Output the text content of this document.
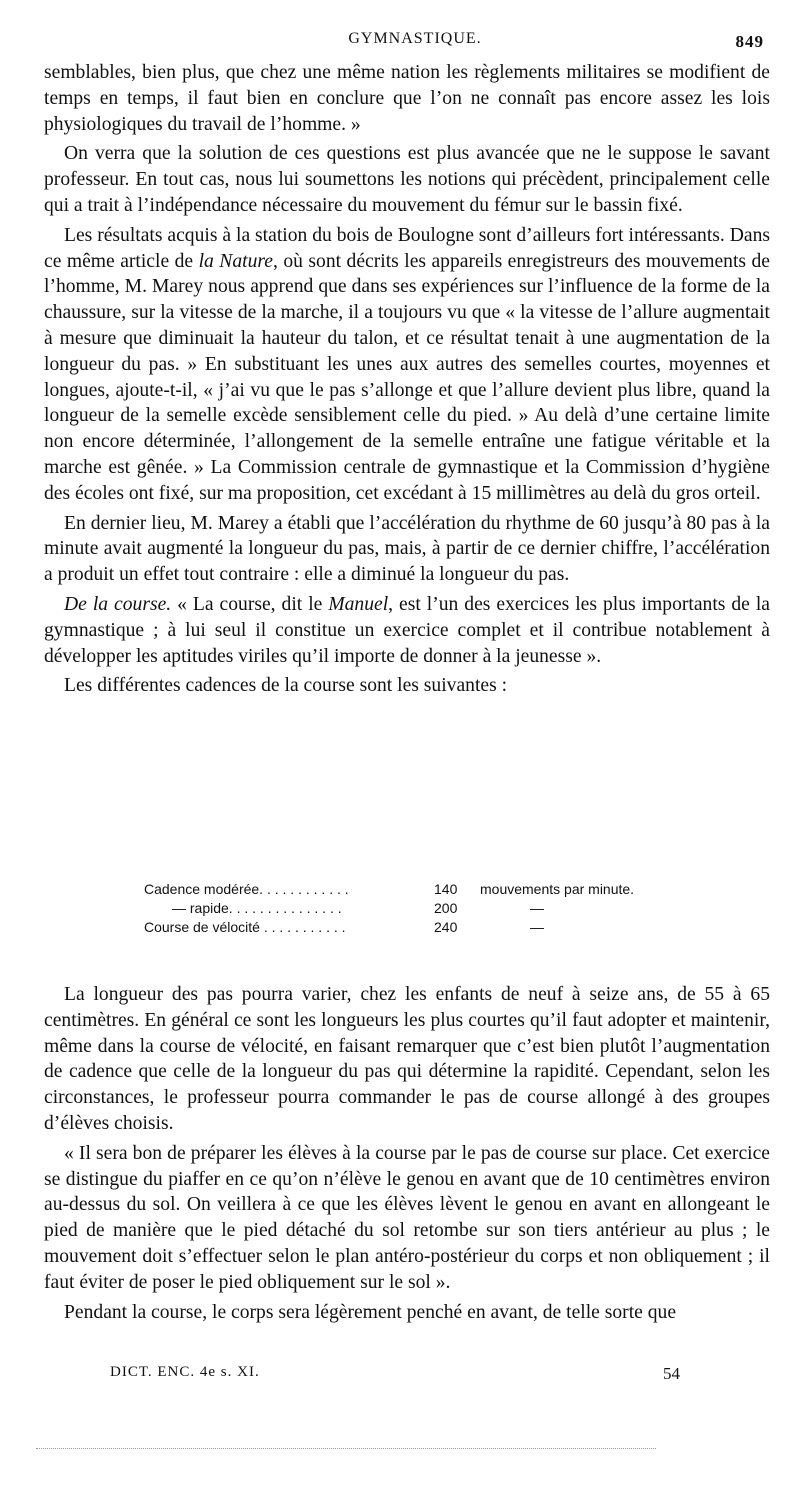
GYMNASTIQUE.	849

semblables, bien plus, que chez une même nation les règlements militaires se modifient de temps en temps, il faut bien en conclure que l’on ne connaît pas encore assez les lois physiologiques du travail de l’homme. »

On verra que la solution de ces questions est plus avancée que ne le suppose le savant professeur. En tout cas, nous lui soumettons les notions qui précèdent, principalement celle qui a trait à l’indépendance nécessaire du mouvement du fémur sur le bassin fixé.

Les résultats acquis à la station du bois de Boulogne sont d’ailleurs fort intéressants. Dans ce même article de la Nature, où sont décrits les appareils enregistreurs des mouvements de l’homme, M. Marey nous apprend que dans ses expériences sur l’influence de la forme de la chaussure, sur la vitesse de la marche, il a toujours vu que « la vitesse de l’allure augmentait à mesure que diminuait la hauteur du talon, et ce résultat tenait à une augmentation de la longueur du pas. » En substituant les unes aux autres des semelles courtes, moyennes et longues, ajoute-t-il, « j’ai vu que le pas s’allonge et que l’allure devient plus libre, quand la longueur de la semelle excède sensiblement celle du pied. » Au delà d’une certaine limite non encore déterminée, l’allongement de la semelle entraîne une fatigue véritable et la marche est gênée. » La Commission centrale de gymnastique et la Commission d’hygiène des écoles ont fixé, sur ma proposition, cet excédant à 15 millimètres au delà du gros orteil.

En dernier lieu, M. Marey a établi que l’accélération du rhythme de 60 jusqu’à 80 pas à la minute avait augmenté la longueur du pas, mais, à partir de ce dernier chiffre, l’accélération a produit un effet tout contraire : elle a diminué la longueur du pas.

De la course. « La course, dit le Manuel, est l’un des exercices les plus importants de la gymnastique ; à lui seul il constitue un exercice complet et il contribue notablement à développer les aptitudes viriles qu’il importe de donner à la jeunesse ».

Les différentes cadences de la course sont les suivantes :

Cadence modérée. . . . . . . . . . . .	140	mouvements par minute.
— rapide. . . . . . . . . . . . . . .	200	—
Course de vélocité . . . . . . . . . . .	240	—

La longueur des pas pourra varier, chez les enfants de neuf à seize ans, de 55 à 65 centimètres. En général ce sont les longueurs les plus courtes qu’il faut adopter et maintenir, même dans la course de vélocité, en faisant remarquer que c’est bien plutôt l’augmentation de cadence que celle de la longueur du pas qui détermine la rapidité. Cependant, selon les circonstances, le professeur pourra commander le pas de course allongé à des groupes d’élèves choisis.

« Il sera bon de préparer les élèves à la course par le pas de course sur place. Cet exercice se distingue du piaffer en ce qu’on n’élève le genou en avant que de 10 centimètres environ au-dessus du sol. On veillera à ce que les élèves lèvent le genou en avant en allongeant le pied de manière que le pied détaché du sol retombe sur son tiers antérieur au plus ; le mouvement doit s’effectuer selon le plan antéro-postérieur du corps et non obliquement ; il faut éviter de poser le pied obliquement sur le sol ».

Pendant la course, le corps sera légèrement penché en avant, de telle sorte que

DICT. ENC. 4e s. XI.	54
